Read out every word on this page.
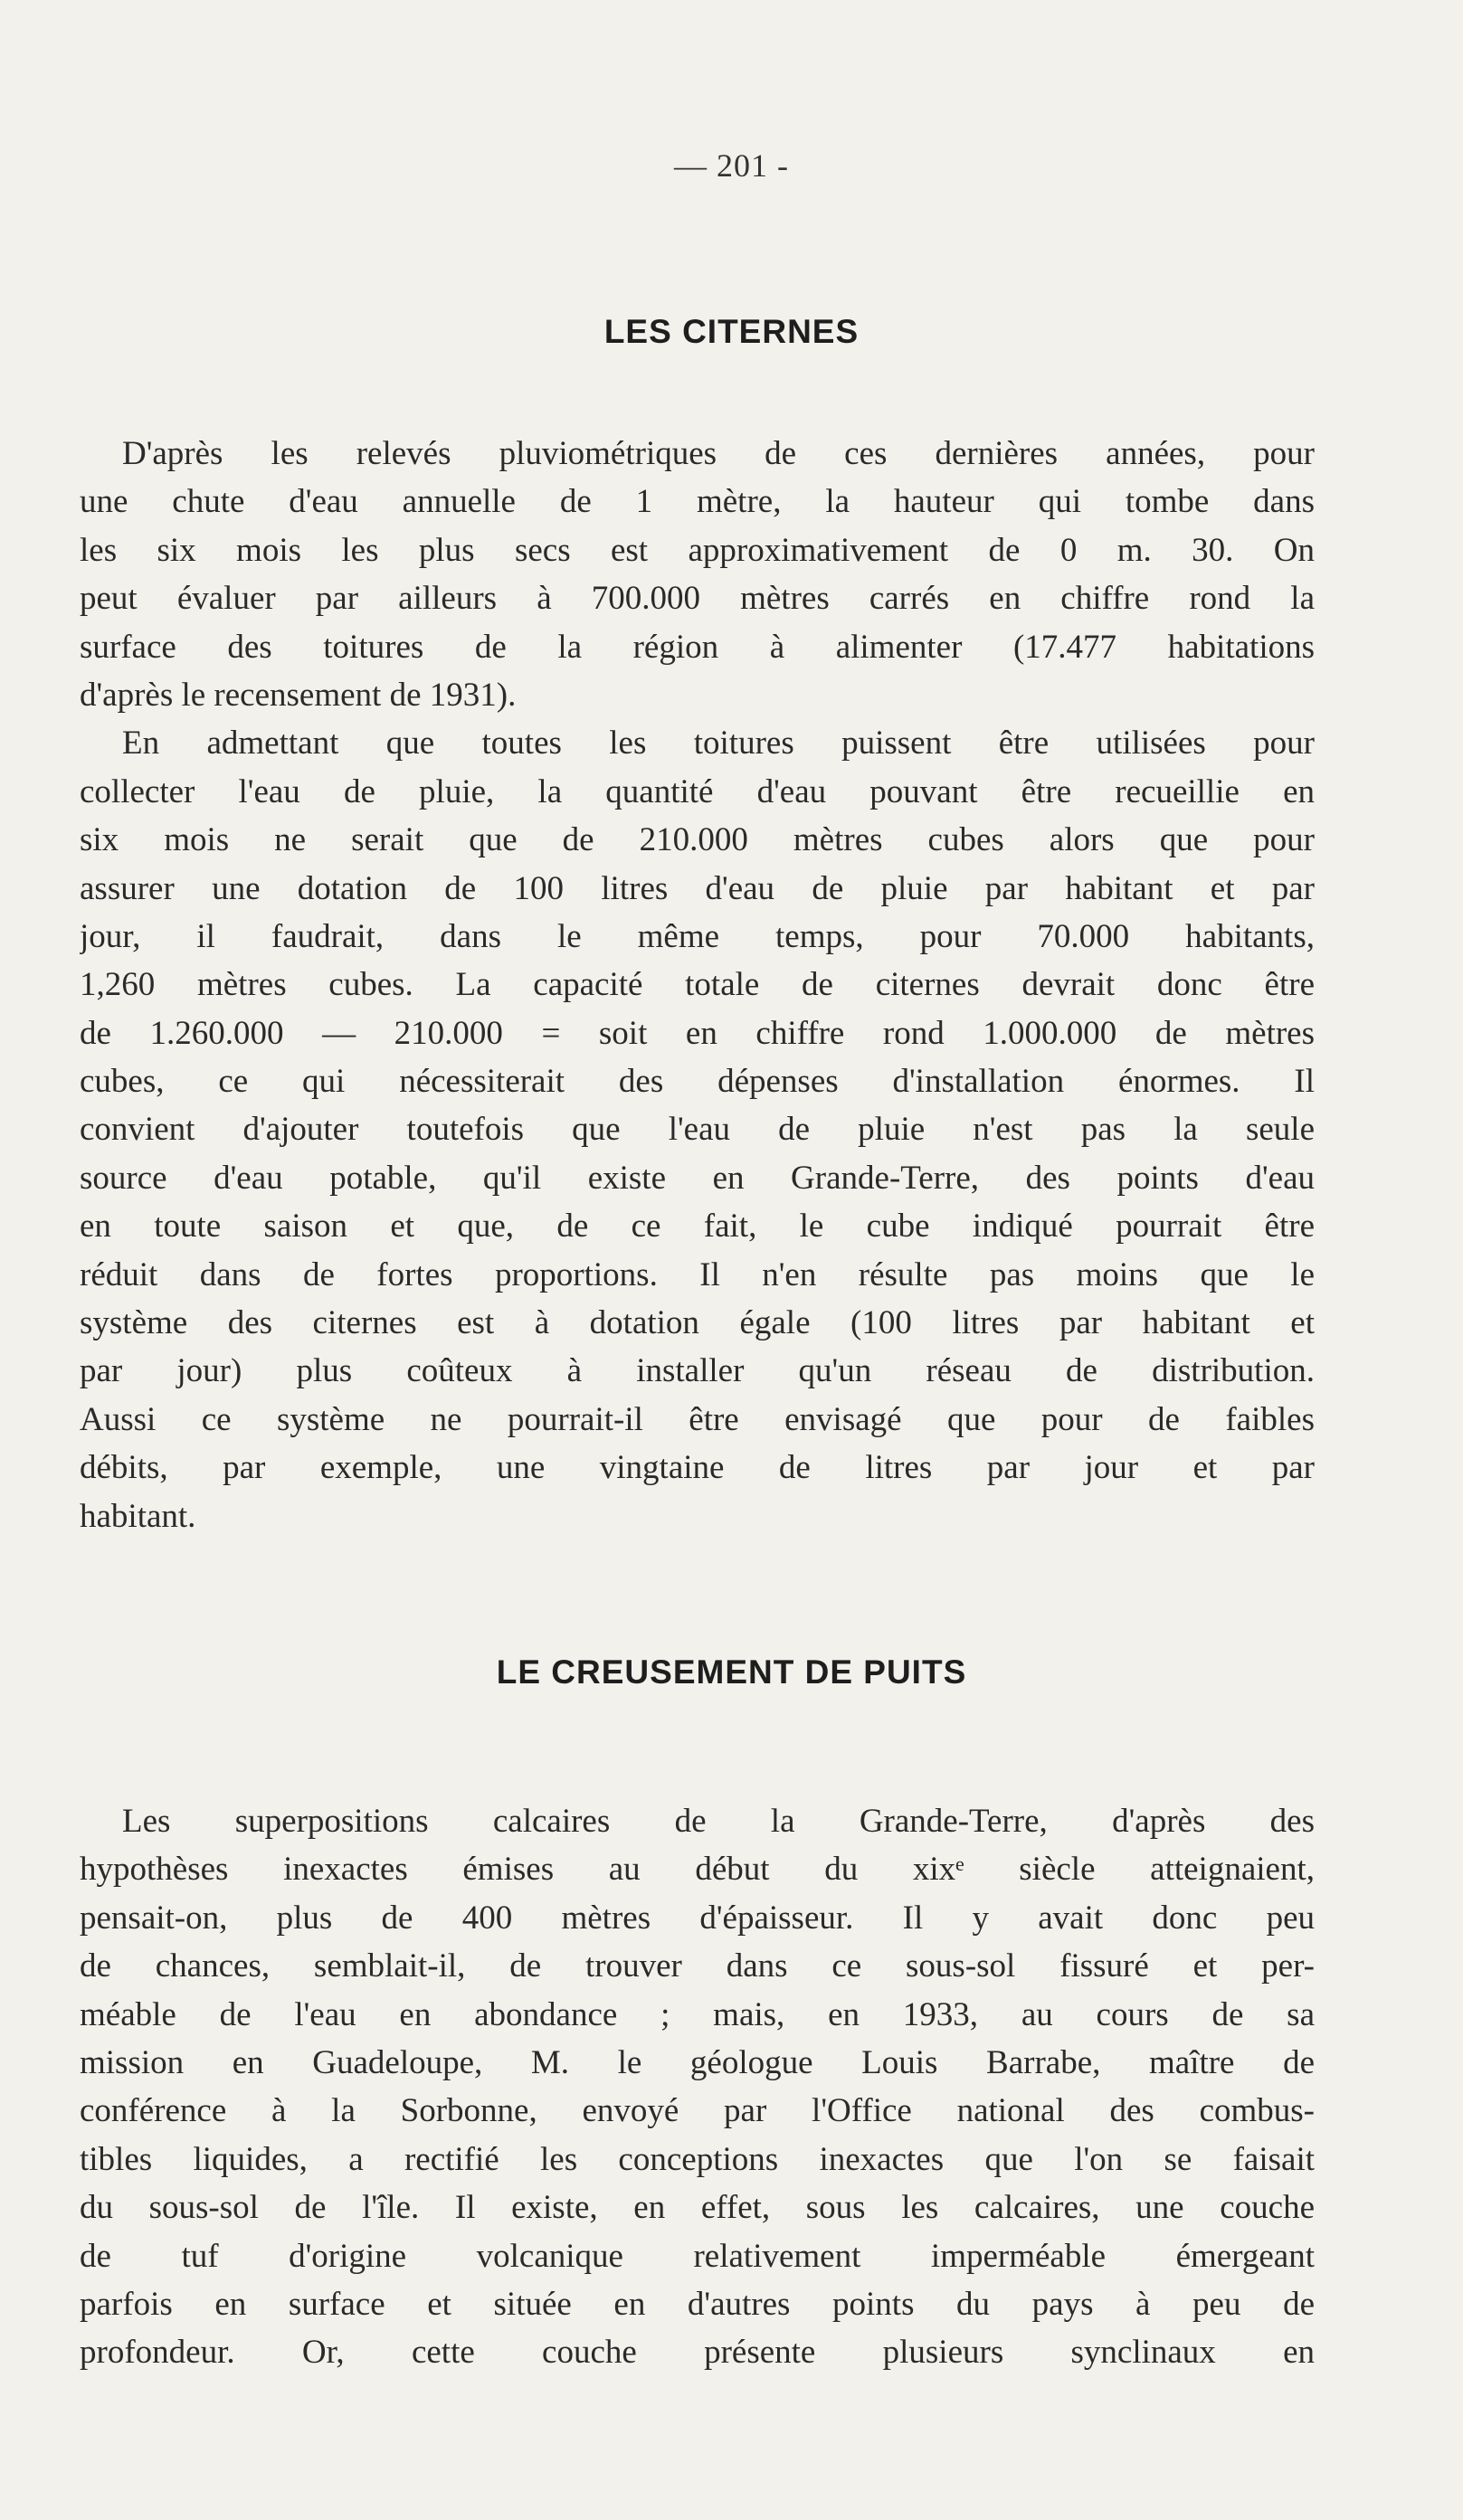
— 201 -
LES CITERNES
D'après les relevés pluviométriques de ces dernières années, pour
une chute d'eau annuelle de 1 mètre, la hauteur qui tombe dans
les six mois les plus secs est approximativement de 0 m. 30. On
peut évaluer par ailleurs à 700.000 mètres carrés en chiffre rond la
surface des toitures de la région à alimenter (17.477 habitations
d'après le recensement de 1931).
En admettant que toutes les toitures puissent être utilisées pour
collecter l'eau de pluie, la quantité d'eau pouvant être recueillie en
six mois ne serait que de 210.000 mètres cubes alors que pour
assurer une dotation de 100 litres d'eau de pluie par habitant et par
jour, il faudrait, dans le même temps, pour 70.000 habitants,
1,260 mètres cubes. La capacité totale de citernes devrait donc être
de 1.260.000 — 210.000 = soit en chiffre rond 1.000.000 de mètres
cubes, ce qui nécessiterait des dépenses d'installation énormes. Il
convient d'ajouter toutefois que l'eau de pluie n'est pas la seule
source d'eau potable, qu'il existe en Grande-Terre, des points d'eau
en toute saison et que, de ce fait, le cube indiqué pourrait être
réduit dans de fortes proportions. Il n'en résulte pas moins que le
système des citernes est à dotation égale (100 litres par habitant et
par jour) plus coûteux à installer qu'un réseau de distribution.
Aussi ce système ne pourrait-il être envisagé que pour de faibles
débits, par exemple, une vingtaine de litres par jour et par
habitant.
LE CREUSEMENT DE PUITS
Les superpositions calcaires de la Grande-Terre, d'après des
hypothèses inexactes émises au début du xixᵉ siècle atteignaient,
pensait-on, plus de 400 mètres d'épaisseur. Il y avait donc peu
de chances, semblait-il, de trouver dans ce sous-sol fissuré et per-
méable de l'eau en abondance ; mais, en 1933, au cours de sa
mission en Guadeloupe, M. le géologue Louis Barrabe, maître de
conférence à la Sorbonne, envoyé par l'Office national des combus-
tibles liquides, a rectifié les conceptions inexactes que l'on se faisait
du sous-sol de l'île. Il existe, en effet, sous les calcaires, une couche
de tuf d'origine volcanique relativement imperméable émergeant
parfois en surface et située en d'autres points du pays à peu de
profondeur. Or, cette couche présente plusieurs synclinaux en
